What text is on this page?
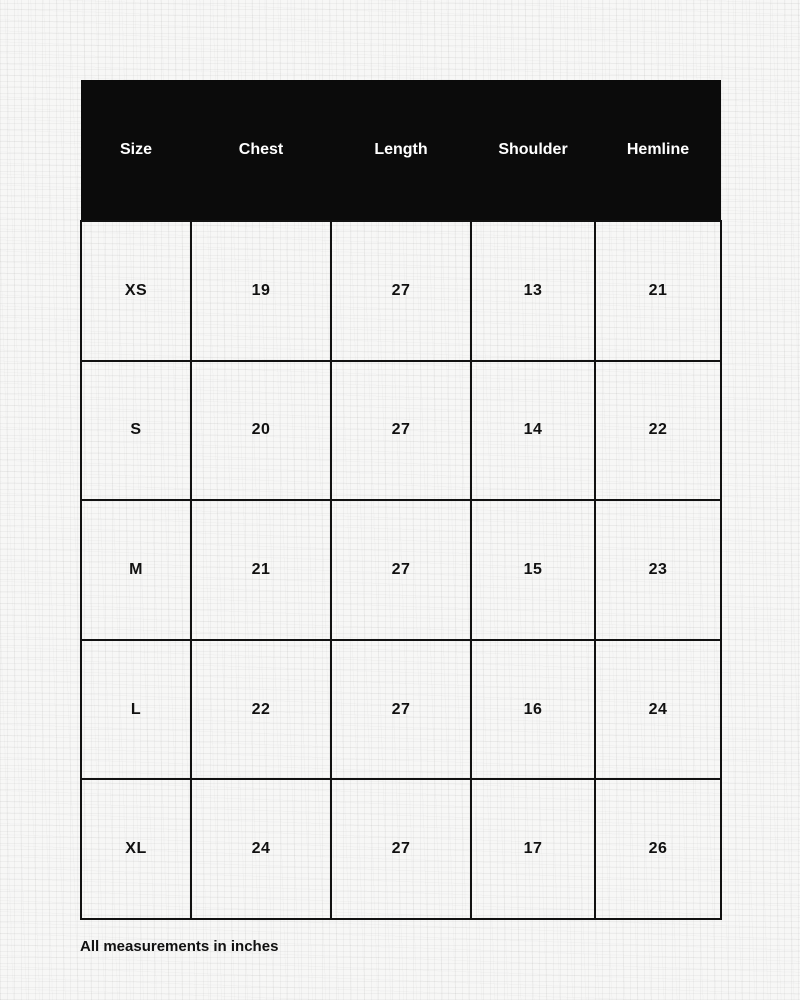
Size	Chest	Length	Shoulder	Hemline
XS	19	27	13	21
S	20	27	14	22
M	21	27	15	23
L	22	27	16	24
XL	24	27	17	26

All measurements in inches
